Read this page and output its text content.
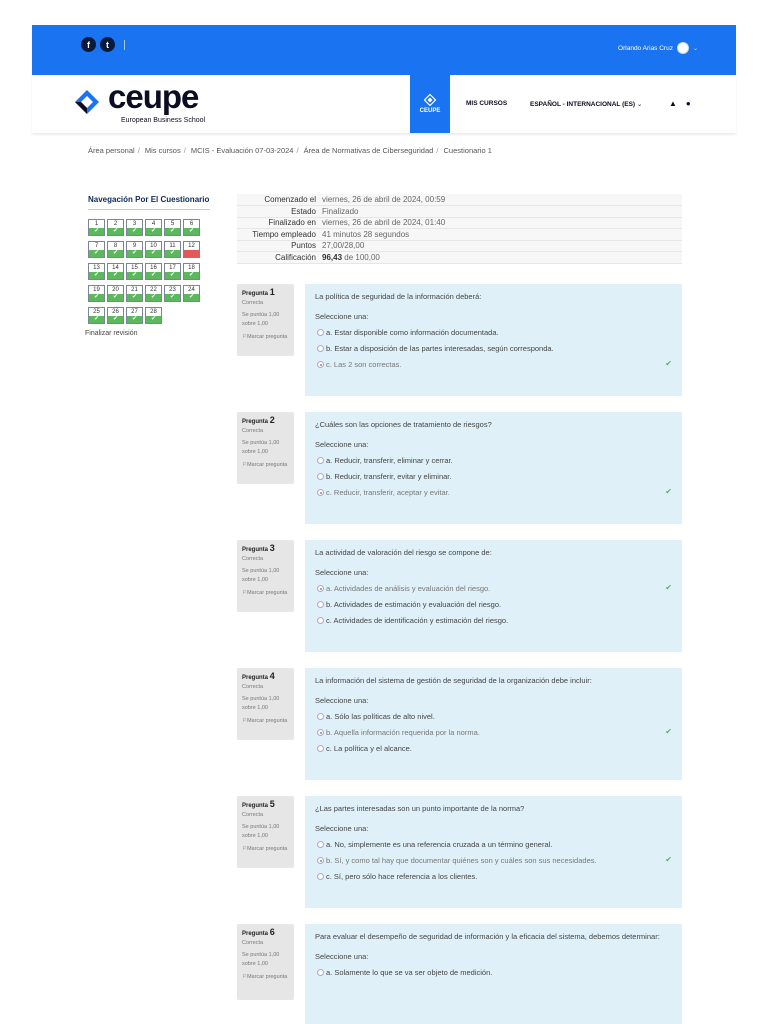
f	t	Orlando Arias Cruz	⌄
ceupe
European Business School
CEUPE
MIS CURSOS	ESPAÑOL - INTERNACIONAL (ES) ⌄	▲ ●
Área personal / Mis cursos / MCIS - Evaluación 07-03-2024 / Área de Normativas de Ciberseguridad / Cuestionario 1
Navegación Por El Cuestionario
1
✔
2
✔
3
✔
4
✔
5
✔
6
✔
7
✔
8
✔
9
✔
10
✔
11
✔
12
13
✔
14
✔
15
✔
16
✔
17
✔
18
✔
19
✔
20
✔
21
✔
22
✔
23
✔
24
✔
25
✔
26
✔
27
✔
28
✔
Finalizar revisión
Comenzado el	viernes, 26 de abril de 2024, 00:59
Estado	Finalizado
Finalizado en	viernes, 26 de abril de 2024, 01:40
Tiempo empleado	41 minutos 28 segundos
Puntos	27,00/28,00
Calificación	96,43 de 100,00
Pregunta 1
Correcta
Se puntúa 1,00 sobre 1,00
⚐Marcar pregunta
La política de seguridad de la información deberá:
Seleccione una:
a. Estar disponible como información documentada.
b. Estar a disposición de las partes interesadas, según corresponda.
c. Las 2 son correctas.	✔
Pregunta 2
Correcta
Se puntúa 1,00 sobre 1,00
⚐Marcar pregunta
¿Cuáles son las opciones de tratamiento de riesgos?
Seleccione una:
a. Reducir, transferir, eliminar y cerrar.
b. Reducir, transferir, evitar y eliminar.
c. Reducir, transferir, aceptar y evitar.	✔
Pregunta 3
Correcta
Se puntúa 1,00 sobre 1,00
⚐Marcar pregunta
La actividad de valoración del riesgo se compone de:
Seleccione una:
a. Actividades de análisis y evaluación del riesgo.	✔
b. Actividades de estimación y evaluación del riesgo.
c. Actividades de identificación y estimación del riesgo.
Pregunta 4
Correcta
Se puntúa 1,00 sobre 1,00
⚐Marcar pregunta
La información del sistema de gestión de seguridad de la organización debe incluir:
Seleccione una:
a. Sólo las políticas de alto nivel.
b. Aquella información requerida por la norma.	✔
c. La política y el alcance.
Pregunta 5
Correcta
Se puntúa 1,00 sobre 1,00
⚐Marcar pregunta
¿Las partes interesadas son un punto importante de la norma?
Seleccione una:
a. No, simplemente es una referencia cruzada a un término general.
b. Sí, y como tal hay que documentar quiénes son y cuáles son sus necesidades.	✔
c. Sí, pero sólo hace referencia a los clientes.
Pregunta 6
Correcta
Se puntúa 1,00 sobre 1,00
⚐Marcar pregunta
Para evaluar el desempeño de seguridad de información y la eficacia del sistema, debemos determinar:
Seleccione una:
a. Solamente lo que se va ser objeto de medición.
